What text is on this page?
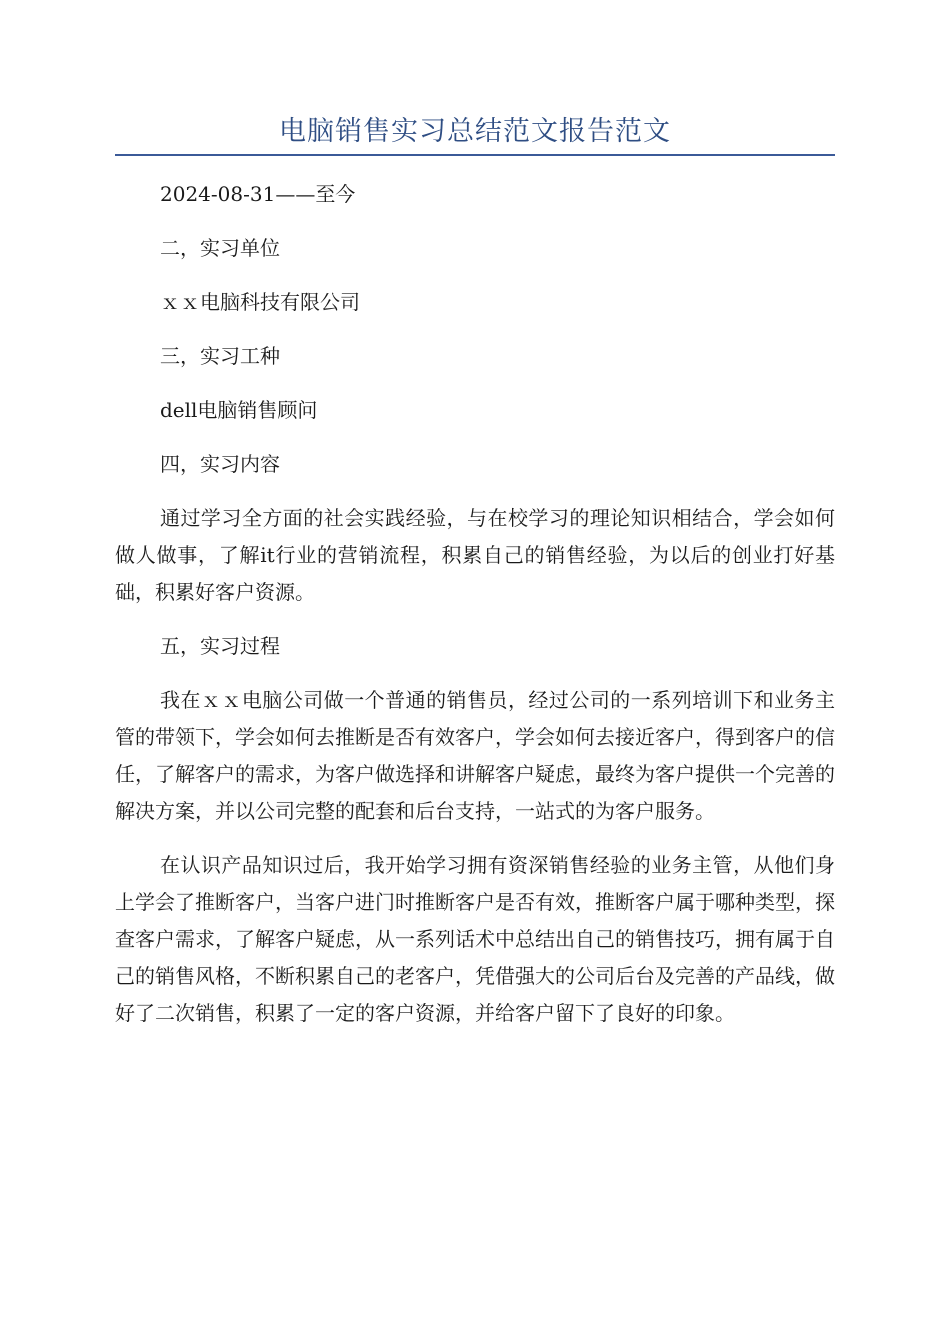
电脑销售实习总结范文报告范文

2024-08-31——至今

二，实习单位

ｘｘ电脑科技有限公司

三，实习工种

dell电脑销售顾问

四，实习内容

通过学习全方面的社会实践经验，与在校学习的理论知识相结合，学会如何做人做事，了解it行业的营销流程，积累自己的销售经验，为以后的创业打好基础，积累好客户资源。

五，实习过程

我在ｘｘ电脑公司做一个普通的销售员，经过公司的一系列培训下和业务主管的带领下，学会如何去推断是否有效客户，学会如何去接近客户，得到客户的信任，了解客户的需求，为客户做选择和讲解客户疑虑，最终为客户提供一个完善的解决方案，并以公司完整的配套和后台支持，一站式的为客户服务。

在认识产品知识过后，我开始学习拥有资深销售经验的业务主管，从他们身上学会了推断客户，当客户进门时推断客户是否有效，推断客户属于哪种类型，探查客户需求，了解客户疑虑，从一系列话术中总结出自己的销售技巧，拥有属于自己的销售风格，不断积累自己的老客户，凭借强大的公司后台及完善的产品线，做好了二次销售，积累了一定的客户资源，并给客户留下了良好的印象。
